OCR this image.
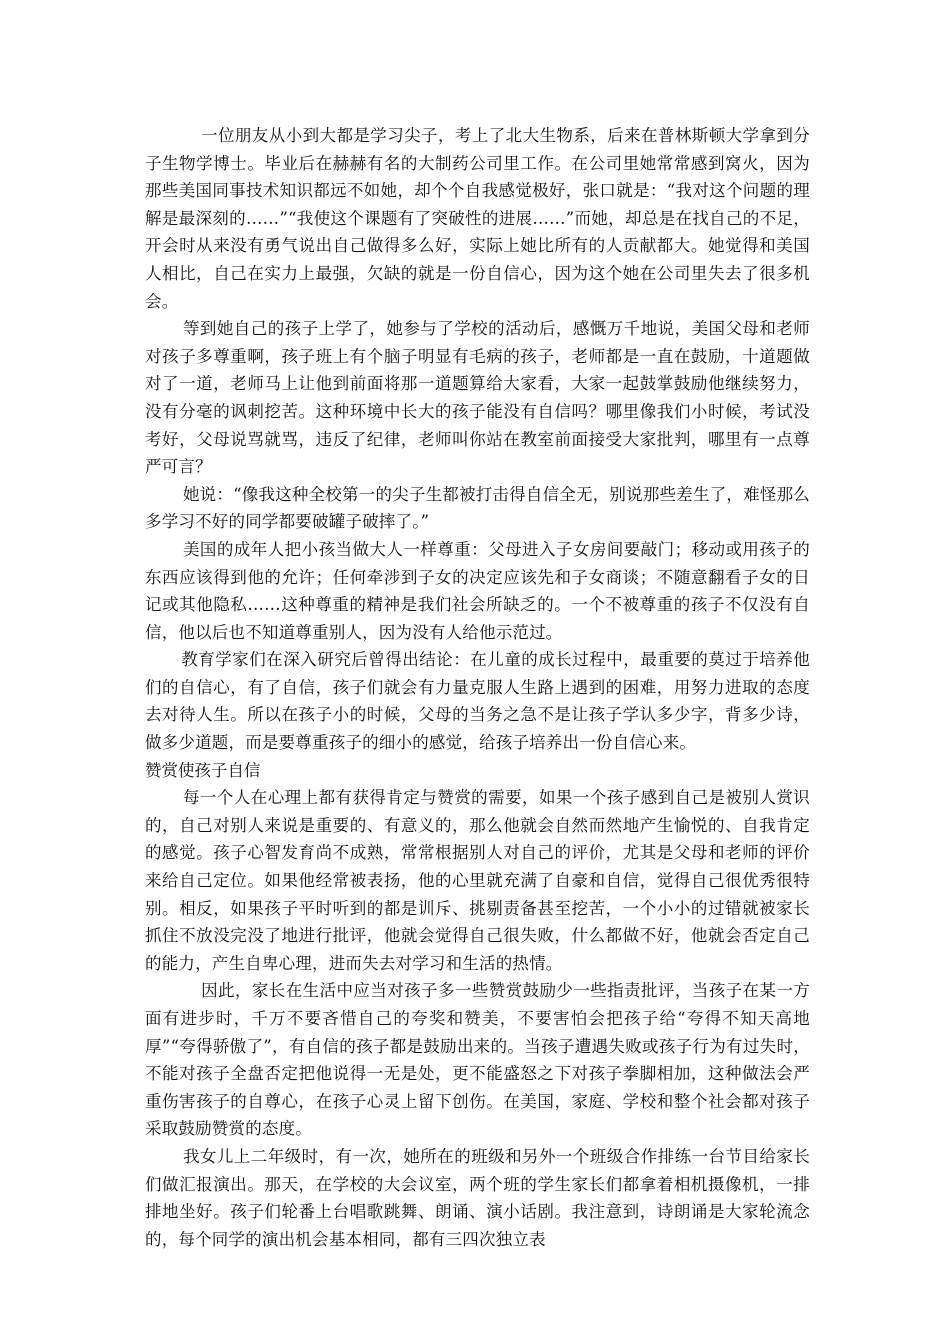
一位朋友从小到大都是学习尖子，考上了北大生物系，后来在普林斯顿大学拿到分子生物学博士。毕业后在赫赫有名的大制药公司里工作。在公司里她常常感到窝火，因为那些美国同事技术知识都远不如她，却个个自我感觉极好，张口就是：“我对这个问题的理解是最深刻的……”“我使这个课题有了突破性的进展……”而她，却总是在找自己的不足，开会时从来没有勇气说出自己做得多么好，实际上她比所有的人贡献都大。她觉得和美国人相比，自己在实力上最强，欠缺的就是一份自信心，因为这个她在公司里失去了很多机会。

等到她自己的孩子上学了，她参与了学校的活动后，感慨万千地说，美国父母和老师对孩子多尊重啊，孩子班上有个脑子明显有毛病的孩子，老师都是一直在鼓励，十道题做对了一道，老师马上让他到前面将那一道题算给大家看，大家一起鼓掌鼓励他继续努力，没有分毫的讽刺挖苦。这种环境中长大的孩子能没有自信吗？哪里像我们小时候，考试没考好，父母说骂就骂，违反了纪律，老师叫你站在教室前面接受大家批判，哪里有一点尊严可言？

她说：“像我这种全校第一的尖子生都被打击得自信全无，别说那些差生了，难怪那么多学习不好的同学都要破罐子破摔了。”

美国的成年人把小孩当做大人一样尊重：父母进入子女房间要敲门；移动或用孩子的东西应该得到他的允许；任何牵涉到子女的决定应该先和子女商谈；不随意翻看子女的日记或其他隐私……这种尊重的精神是我们社会所缺乏的。一个不被尊重的孩子不仅没有自信，他以后也不知道尊重别人，因为没有人给他示范过。

教育学家们在深入研究后曾得出结论：在儿童的成长过程中，最重要的莫过于培养他们的自信心，有了自信，孩子们就会有力量克服人生路上遇到的困难，用努力进取的态度去对待人生。所以在孩子小的时候，父母的当务之急不是让孩子学认多少字，背多少诗，做多少道题，而是要尊重孩子的细小的感觉，给孩子培养出一份自信心来。

赞赏使孩子自信

每一个人在心理上都有获得肯定与赞赏的需要，如果一个孩子感到自己是被别人赏识的，自己对别人来说是重要的、有意义的，那么他就会自然而然地产生愉悦的、自我肯定的感觉。孩子心智发育尚不成熟，常常根据别人对自己的评价，尤其是父母和老师的评价来给自己定位。如果他经常被表扬，他的心里就充满了自豪和自信，觉得自己很优秀很特别。相反，如果孩子平时听到的都是训斥、挑剔责备甚至挖苦，一个小小的过错就被家长抓住不放没完没了地进行批评，他就会觉得自己很失败，什么都做不好，他就会否定自己的能力，产生自卑心理，进而失去对学习和生活的热情。

因此，家长在生活中应当对孩子多一些赞赏鼓励少一些指责批评，当孩子在某一方面有进步时，千万不要吝惜自己的夸奖和赞美，不要害怕会把孩子给“夸得不知天高地厚”“夸得骄傲了”，有自信的孩子都是鼓励出来的。当孩子遭遇失败或孩子行为有过失时，不能对孩子全盘否定把他说得一无是处，更不能盛怒之下对孩子拳脚相加，这种做法会严重伤害孩子的自尊心，在孩子心灵上留下创伤。在美国，家庭、学校和整个社会都对孩子采取鼓励赞赏的态度。

我女儿上二年级时，有一次，她所在的班级和另外一个班级合作排练一台节目给家长们做汇报演出。那天，在学校的大会议室，两个班的学生家长们都拿着相机摄像机，一排排地坐好。孩子们轮番上台唱歌跳舞、朗诵、演小话剧。我注意到，诗朗诵是大家轮流念的，每个同学的演出机会基本相同，都有三四次独立表
